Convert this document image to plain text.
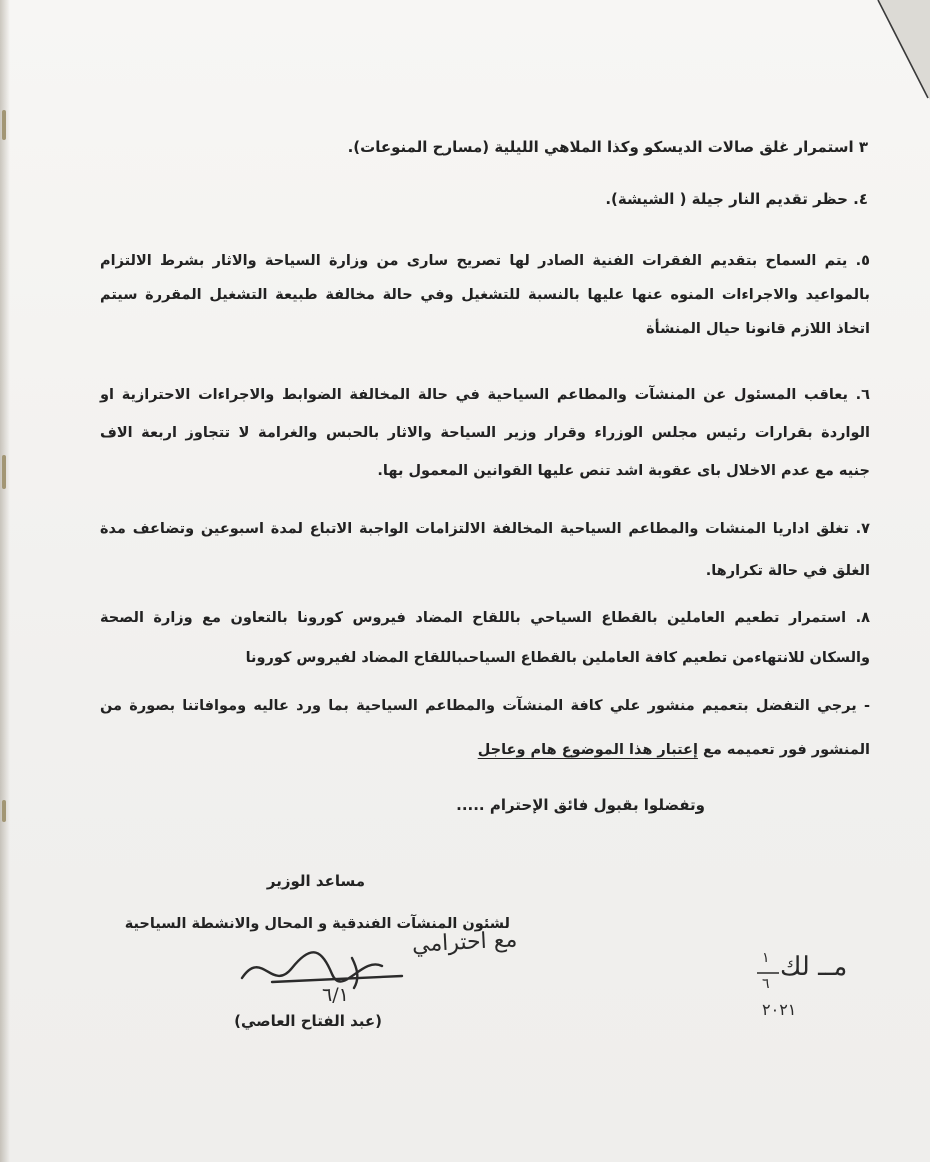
٣ استمرار غلق صالات الديسكو وكذا الملاهي الليلية (مسارح المنوعات).
٤. حظر تقديم النار جيلة ( الشيشة).
٥. يتم السماح بتقديم الفقرات الفنية الصادر لها تصريح سارى من وزارة السياحة والاثار بشرط الالتزام
بالمواعيد والاجراءات المنوه عنها عليها بالنسبة للتشغيل وفي حالة مخالفة طبيعة التشغيل المقررة سيتم
اتخاذ اللازم قانونا حيال المنشأة
٦. يعاقب المسئول عن المنشآت والمطاعم السياحية في حالة المخالفة الضوابط والاجراءات الاحترازية او
الواردة بقرارات رئيس مجلس الوزراء وقرار وزير السياحة والاثار بالحبس والغرامة لا تتجاوز اربعة الاف
جنيه مع عدم الاخلال باى عقوبة اشد تنص عليها القوانين المعمول بها.
٧. تغلق اداريا المنشات والمطاعم السياحية المخالفة الالتزامات الواجبة الاتباع لمدة اسبوعين وتضاعف مدة
الغلق في حالة تكرارها.
٨. استمرار تطعيم العاملين بالقطاع السياحي باللقاح المضاد فيروس كورونا بالتعاون مع وزارة الصحة
والسكان للانتهاءمن تطعيم كافة العاملين بالقطاع السياحىباللقاح المضاد لفيروس كورونا
- يرجي التفضل بتعميم منشور علي كافة المنشآت والمطاعم السياحية بما ورد عاليه وموافاتنا بصورة من
المنشور فور تعميمه مع إعتبار هذا الموضوع هام وعاجل
وتفضلوا بقبول فائق الإحترام .....
مساعد الوزير
لشئون المنشآت الفندقية و المحال والانشطة السياحية
مع احترامي
٦/١
(عبد الفتاح العاصي)
مــ لك
١
٦
٢٠٢١
